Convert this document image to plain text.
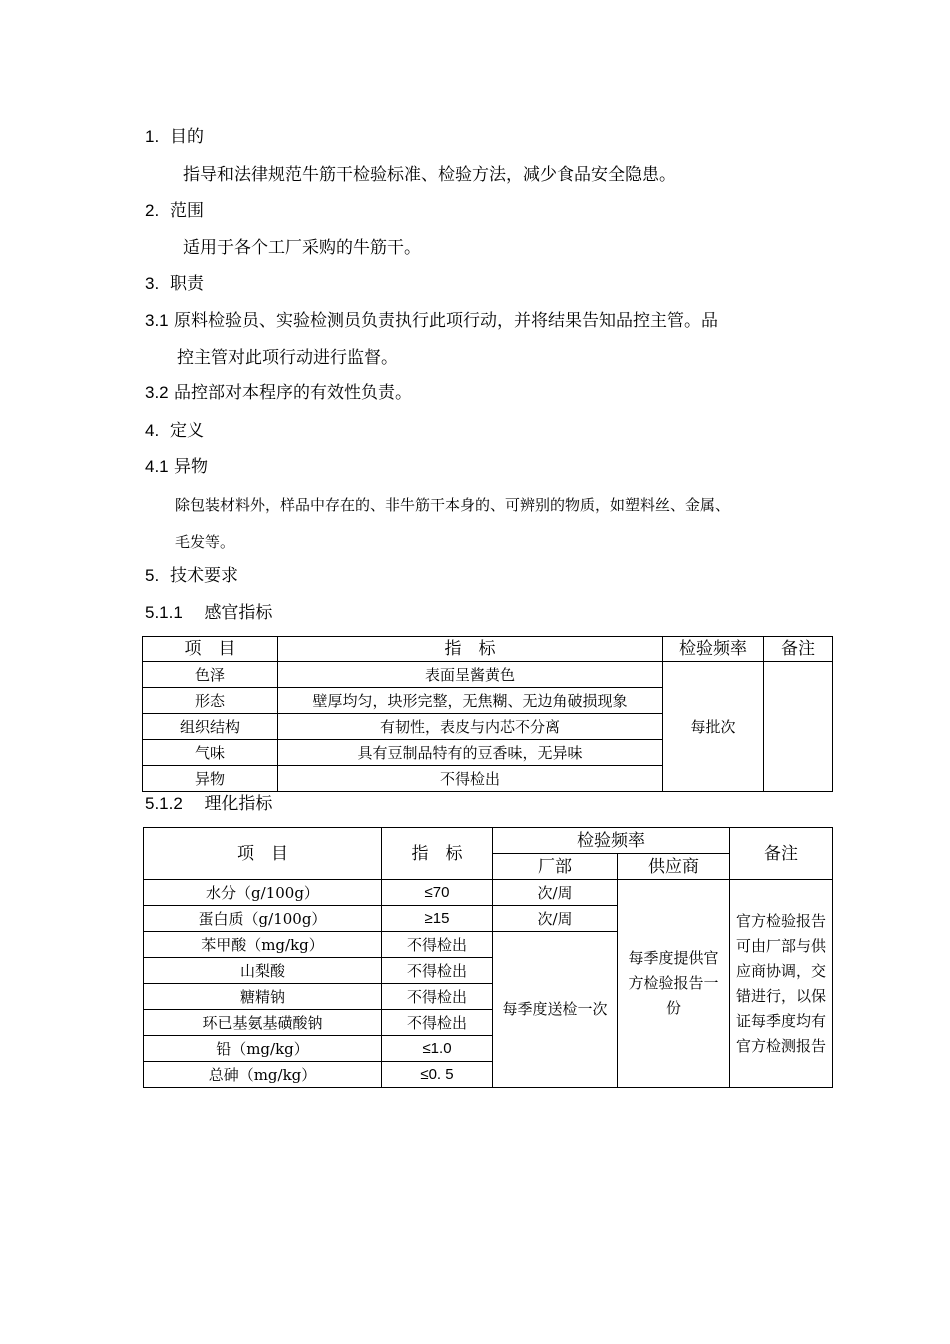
1. 目的
指导和法律规范牛筋干检验标准、检验方法，减少食品安全隐患。
2. 范围
适用于各个工厂采购的牛筋干。
3. 职责
3.1 原料检验员、实验检测员负责执行此项行动，并将结果告知品控主管。品
控主管对此项行动进行监督。
3.2 品控部对本程序的有效性负责。
4. 定义
4.1 异物
除包装材料外，样品中存在的、非牛筋干本身的、可辨别的物质，如塑料丝、金属、
毛发等。
5. 技术要求
5.1.1 感官指标
项　目	指　标	检验频率	备注
色泽	表面呈酱黄色	每批次	
形态	壁厚均匀，块形完整，无焦糊、无边角破损现象		
组织结构	有韧性，表皮与内芯不分离		
气味	具有豆制品特有的豆香味，无异味		
异物	不得检出		
5.1.2 理化指标
项　目	指　标	检验频率		备注
		厂部	供应商	
水分（g/100g）	≤70	次/周	每季度提供官方检验报告一份	官方检验报告可由厂部与供应商协调，交错进行，以保证每季度均有官方检测报告
蛋白质（g/100g）	≥15	次/周		
苯甲酸（mg/kg）	不得检出	每季度送检一次		
山梨酸	不得检出			
糖精钠	不得检出			
环已基氨基磺酸钠	不得检出			
铅（mg/kg）	≤1.0			
总砷（mg/kg）	≤0. 5			
